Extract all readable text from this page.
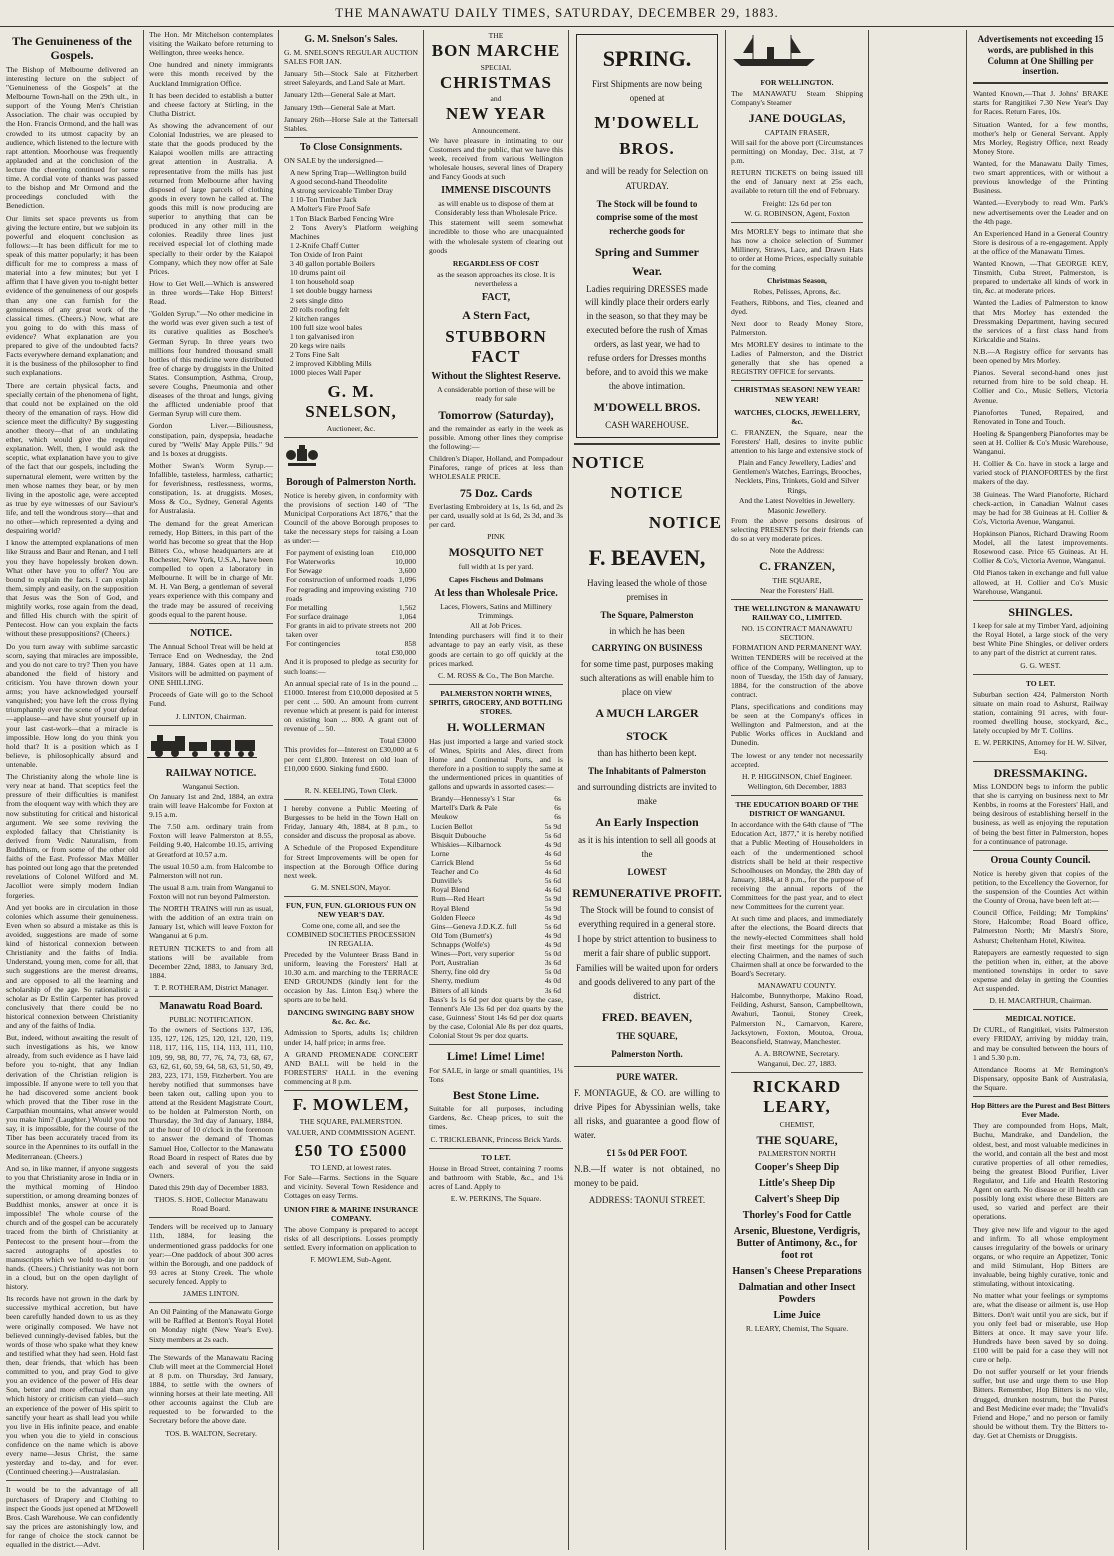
THE MANAWATU DAILY TIMES, SATURDAY, DECEMBER 29, 1883.
The Genuineness of the Gospels.
The Bishop of Melbourne delivered an interesting lecture on the subject of "Genuineness of the Gospels" at the Melbourne Town-hall on the 29th ult., in support of the Young Men's Christian Association. The chair was occupied by the Hon. Francis Ormond, and the hall was crowded to its utmost capacity by an audience, which listened to the lecture with rapt attention. Moorhouse was frequently applauded and at the conclusion of the lecture the cheering continued for some time. A cordial vote of thanks was passed to the bishop and Mr Ormond and the proceedings concluded with the Benediction.
Our limits set space prevents us from giving the lecture entire, but we subjoin its powerful and eloquent conclusion as follows:—It has been difficult for me to speak of this matter popularly; it has been difficult for me to compress a mass of material into a few minutes; but yet I affirm that I have given you to-night better evidence of the genuineness of our gospels than any one can furnish for the genuineness of any great work of the classical times. (Cheers.) Now, what are you going to do with this mass of evidence? What explanation are you prepared to give of the undoubted facts? Facts everywhere demand explanation; and it is the business of the philosopher to find such explanations.
There are certain physical facts, and specially certain of the phenomena of light, that could not be explained on the old theory of the emanation of rays. How did science meet the difficulty? By suggesting another theory—that of an undulating ether, which would give the required explanation. Well, then, I would ask the sceptic, what explanation have you to give of the fact that our gospels, including the supernatural element, were written by the men whose names they bear, or by men living in the apostolic age, were accepted as true by eye witnesses of our Saviour's life, and tell the wondrous story—that and no other—which represented a dying and despairing world?
I know the attempted explanations of men like Strauss and Baur and Renan, and I tell you they have hopelessly broken down. What other have you to offer? You are bound to explain the facts. I can explain them, simply and easily, on the supposition that Jesus was the Son of God, and mightily works, rose again from the dead, and filled His church with the spirit of Pentecost. How can you explain the facts without these presuppositions? (Cheers.)
Do you turn away with sublime sarcastic scorn, saying that miracles are impossible, and you do not care to try? Then you have abandoned the field of history and criticism. You have thrown down your arms; you have acknowledged yourself vanquished; you have left the cross flying triumphantly over the scene of your defeat—applause—and have shut yourself up in your last cast-work—that a miracle is impossible. How long do you think you hold that? It is a position which as I believe, is philosophically absurd and untenable.
The Christianity along the whole line is very near at hand. That sceptics feel the pressure of their difficulties is manifest from the eloquent way with which they are now substituting for critical and historical argument. We see some reviving the exploded fallacy that Christianity is derived from Vedic Naturalism, from Buddhism, or from some of the other old faiths of the East. Professor Max Müller has pointed out long ago that the pretended revelations of Colonel Wilford and M. Jacolliot were simply modern Indian forgeries.
And yet books are in circulation in those colonies which assume their genuineness. Even when so absurd a mistake as this is avoided, suggestions are made of some kind of historical connexion between Christianity and the faiths of India. Understand, young men, come for all, that such suggestions are the merest dreams, and are opposed to all the learning and scholarship of the age. So rationalistic a scholar as Dr Estlin Carpenter has proved conclusively that there could be no historical connexion between Christianity and any of the faiths of India.
But, indeed, without awaiting the result of such investigations as his, we know already, from such evidence as I have laid before you to-night, that any Indian derivation of the Christian religion is impossible. If anyone were to tell you that he had discovered some ancient book which proved that the Tiber rose in the Carpathian mountains, what answer would you make him? (Laughter.) Would you not say, it is impossible, for the course of the Tiber has been accurately traced from its source in the Apennines to its outfall in the Mediterranean. (Cheers.)
And so, in like manner, if anyone suggests to you that Christianity arose in India or in the mythical morning of Hindoo superstition, or among dreaming bonzes of Buddhist monks, answer at once it is impossible! The whole course of the church and of the gospel can be accurately traced from the birth of Christianity at Pentecost to the present hour—from the sacred autographs of apostles to manuscripts which we hold to-day in our hands. (Cheers.) Christianity was not born in a cloud, but on the open daylight of history.
Its records have not grown in the dark by successive mythical accretion, but have been carefully handed down to us as they were originally composed. We have not believed cunningly-devised fables, but the words of those who spake what they knew and testified what they had seen. Hold fast then, dear friends, that which has been committed to you, and pray God to give you an evidence of the power of His dear Son, better and more effectual than any which history or criticism can yield—such an experience of the power of His spirit to sanctify your heart as shall lead you while you live in His infinite peace, and enable you when you die to yield in conscious confidence on the name which is above every name—Jesus Christ, the same yesterday and to-day, and for ever. (Continued cheering.)—Australasian.
It would be to the advantage of all purchasers of Drapery and Clothing to inspect the Goods just opened at M'Dowell Bros. Cash Warehouse. We can confidently say the prices are astonishingly low, and for range of choice the stock cannot be equalled in the district.—Advt.
The Hon. Mr Mitchelson contemplates visiting the Waikato before returning to Wellington, three weeks hence.
One hundred and ninety immigrants were this month received by the Auckland Immigration Office.
It has been decided to establish a butter and cheese factory at Stirling, in the Clutha District.
As showing the advancement of our Colonial Industries, we are pleased to state that the goods produced by the Kaiapoi woollen mills are attracting great attention in Australia. A representative from the mills has just returned from Melbourne after having disposed of large parcels of clothing goods in every town he called at. The goods this mill is now producing are superior to anything that can be produced in any other mill in the colonies. Readily three lines just received especial lot of clothing made specially to their order by the Kaiapoi Company, which they now offer at Sale Prices.
How to Get Well.—Which is answered in three words—Take Hop Bitters! Read.
"Golden Syrup."—No other medicine in the world was ever given such a test of its curative qualities as Boschee's German Syrup. In three years two millions four hundred thousand small bottles of this medicine were distributed free of charge by druggists in the United States. Consumption, Asthma, Croup, severe Coughs, Pneumonia and other diseases of the throat and lungs, giving the afflicted undeniable proof that German Syrup will cure them.
Gordon Liver.—Biliousness, constipation, pain, dyspepsia, headache cured by "Wells' May Apple Pills." 9d and 1s boxes at druggists.
Mother Swan's Worm Syrup.—Infallible, tasteless, harmless, cathartic; for feverishness, restlessness, worms, constipation, 1s. at druggists. Moses, Moss & Co., Sydney, General Agents for Australasia.
The demand for the great American remedy, Hop Bitters, in this part of the world has become so great that the Hop Bitters Co., whose headquarters are at Rochester, New York, U.S.A., have been compelled to open a laboratory in Melbourne. It will be in charge of Mr. M. H. Van Berg, a gentleman of several years experience with this company and the trade may be assured of receiving goods equal to the parent house.
NOTICE.
The Annual School Treat will be held at Terrace End on Wednesday, the 2nd January, 1884. Gates open at 11 a.m. Visitors will be admitted on payment of ONE SHILLING.
Proceeds of Gate will go to the School Fund.
J. LINTON, Chairman.
RAILWAY NOTICE.
Wanganui Section.
On January 1st and 2nd, 1884, an extra train will leave Halcombe for Foxton at 9.15 a.m.
The 7.50 a.m. ordinary train from Foxton will leave Palmerston at 8.55, Feilding 9.40, Halcombe 10.15, arriving at Greatford at 10.57 a.m.
The usual 10.50 a.m. from Halcombe to Palmerston will not run.
The usual 8 a.m. train from Wanganui to Foxton will not run beyond Palmerston.
The NORTH TRAINS will run as usual, with the addition of an extra train on January 1st, which will leave Foxton for Wanganui at 6 p.m.
RETURN TICKETS to and from all stations will be available from December 22nd, 1883, to January 3rd, 1884.
T. P. ROTHERAM, District Manager.
Manawatu Road Board.
PUBLIC NOTIFICATION.
To the owners of Sections 137, 136, 135, 127, 126, 125, 120, 121, 120, 119, 118, 117, 116, 115, 114, 113, 111, 110, 109, 99, 98, 80, 77, 76, 74, 73, 68, 67, 63, 62, 61, 60, 59, 64, 58, 63, 51, 50, 49, 283, 223, 171, 159, Fitzherbert. You are hereby notified that summonses have been taken out, calling upon you to attend at the Resident Magistrate Court, to be holden at Palmerston North, on Thursday, the 3rd day of January, 1884, at the hour of 10 o'clock in the forenoon to answer the demand of Thomas Samuel Hoe, Collector to the Manawatu Road Board in respect of Rates due by each and several of you the said Owners.
Dated this 29th day of December 1883.
THOS. S. HOE, Collector Manawatu Road Board.
Tenders will be received up to January 11th, 1884, for leasing the undermentioned grass paddocks for one year:—One paddock of about 300 acres within the Borough, and one paddock of 93 acres at Stony Creek. The whole securely fenced. Apply to
JAMES LINTON.
An Oil Painting of the Manawatu Gorge will be Raffled at Benton's Royal Hotel on Monday night (New Year's Eve). Sixty members at 2s each.
The Stewards of the Manawatu Racing Club will meet at the Commercial Hotel at 8 p.m. on Thursday, 3rd January, 1884, to settle with the owners of winning horses at their late meeting. All other accounts against the Club are requested to be forwarded to the Secretary before the above date.
TOS. B. WALTON, Secretary.
G. M. Snelson's Sales.
G. M. SNELSON'S REGULAR AUCTION SALES FOR JAN.
January 5th—Stock Sale at Fitzherbert street Saleyards, and Land Sale at Mart.
January 12th—General Sale at Mart.
January 19th—General Sale at Mart.
January 26th—Horse Sale at the Tattersall Stables.
To Close Consignments.
ON SALE by the undersigned—
A new Spring Trap—Wellington build
A good second-hand Theodolite
A strong serviceable Timber Dray
1 10-Ton Timber Jack
A Molter's Fire Proof Safe
1 Ton Black Barbed Fencing Wire
2 Tons Avery's Platform weighing Machines
1 2-Knife Chaff Cutter
Ton Oxide of Iron Paint
3 40 gallon portable Boilers
10 drums paint oil
1 ton household soap
1 set double buggy harness
2 sets single ditto
20 rolls roofing felt
2 kitchen ranges
100 full size wool bales
1 ton galvanised iron
20 kegs wire nails
2 Tons Fine Salt
2 improved Kibbling Mills
1000 pieces Wall Paper
G. M. SNELSON,
Auctioneer, &c.
Borough of Palmerston North.
Notice is hereby given, in conformity with the provisions of section 140 of "The Municipal Corporations Act 1876," that the Council of the above Borough proposes to take the necessary steps for raising a Loan as under:—
For payment of existing loan £10,000
For Waterworks	10,000
For Sewage	3,600
For construction of unformed roads 1,096
For regrading and improving existing roads
710
For metalling	1,562
For surface drainage	1,064
For grants in aid to private streets not taken over
200
For contingencies	858
total £30,000
And it is proposed to pledge as security for such loans:—
An annual special rate of 1s in the pound ... £1000. Interest from £10,000 deposited at 5 per cent ... 500. An amount from current revenue which at present is paid for interest on existing loan ... 800. A grant out of revenue of ... 50.
Total £3000
This provides for—Interest on £30,000 at 6 per cent £1,800. Interest on old loan of £10,000 £600. Sinking fund £600.
Total £3000
R. N. KEELING, Town Clerk.
I hereby convene a Public Meeting of Burgesses to be held in the Town Hall on Friday, January 4th, 1884, at 8 p.m., to consider and discuss the proposal as above.
A Schedule of the Proposed Expenditure for Street Improvements will be open for inspection at the Borough Office during next week.
G. M. SNELSON, Mayor.
FUN, FUN, FUN. GLORIOUS FUN ON NEW YEAR'S DAY.
Come one, come all, and see the COMBINED SOCIETIES PROCESSION IN REGALIA.
Preceded by the Volunteer Brass Band in uniform, leaving the Foresters' Hall at 10.30 a.m. and marching to the TERRACE END GROUNDS (kindly lent for the occasion by Jas. Linton Esq.) where the sports are to be held.
DANCING SWINGING BABY SHOW &c. &c. &c.
Admission to Sports, adults 1s; children under 14, half price; in arms free.
A GRAND PROMENADE CONCERT AND BALL will be held in the FORESTERS' HALL in the evening commencing at 8 p.m.
F. MOWLEM,
THE SQUARE, PALMERSTON.
VALUER, AND COMMISSION AGENT.
£50 TO £5000
TO LEND, at lowest rates.
For Sale—Farms. Sections in the Square and vicinity. Several Town Residence and Cottages on easy Terms.
UNION FIRE & MARINE INSURANCE COMPANY.
The above Company is prepared to accept risks of all descriptions. Losses promptly settled. Every information on application to
F. MOWLEM, Sub-Agent.
THE
BON MARCHE
SPECIAL
CHRISTMAS
and
NEW YEAR
Announcement.
We have pleasure in intimating to our Customers and the public, that we have this week, received from various Wellington wholesale houses, several lines of Drapery and Fancy Goods at such
IMMENSE DISCOUNTS
as will enable us to dispose of them at Considerably less than Wholesale Price.
This statement will seem somewhat incredible to those who are unacquainted with the wholesale system of clearing out goods
REGARDLESS OF COST
as the season approaches its close. It is nevertheless a
FACT,
A Stern Fact,
STUBBORN FACT
Without the Slightest Reserve.
A considerable portion of these will be ready for sale
Tomorrow (Saturday),
and the remainder as early in the week as possible. Among other lines they comprise the following:—
Children's Diaper, Holland, and Pompadour Pinafores, range of prices at less than WHOLESALE PRICE.
75 Doz. Cards
Everlasting Embroidery at 1s, 1s 6d, and 2s per card, usually sold at 1s 6d, 2s 3d, and 3s per card.
PINK
MOSQUITO NET
full width at 1s per yard.
Capes Fischeus and Dolmans
At less than Wholesale Price.
Laces, Flowers, Satins and Millinery Trimmings.
All at Job Prices.
Intending purchasers will find it to their advantage to pay an early visit, as these goods are certain to go off quickly at the prices marked.
C. M. ROSS & Co., The Bon Marche.
PALMERSTON NORTH WINES, SPIRITS, GROCERY, AND BOTTLING STORES.
H. WOLLERMAN
Has just imported a large and varied stock of Wines, Spirits and Ales, direct from Home and Continental Ports, and is therefore in a position to supply the same at the undermentioned prices in quantities of gallons and upwards in assorted cases:—
Brandy—Hennessy's 1 Star	6s
Martell's Dark & Pale	6s
Meukow	6s
Lucien Bellot	5s 9d
Bisquit Dubouche	5s 6d
Whiskies—Kilbarnock	4s 9d
Lorne	4s 6d
Carrick Blend	5s 6d
Teacher and Co	4s 6d
Dunville's	5s 6d
Royal Blend	4s 6d
Rum—Red Heart	5s 9d
Royal Blend	5s 9d
Golden Fleece	4s 9d
Gins—Geneva J.D.K.Z. full	5s 6d
Old Tom (Burnett's)	4s 9d
Schnapps (Wolfe's)	4s 9d
Wines—Port, very superior	5s 0d
Port, Australian	3s 6d
Sherry, fine old dry	5s 0d
Sherry, medium	4s 0d
Bitters of all kinds	3s 6d
Bass's 1s 1s 6d per doz quarts by the case, Tennent's Ale 13s 6d per doz quarts by the case, Guinness' Stout 14s 6d per doz quarts by the case, Colonial Ale 8s per doz quarts, Colonial Stout 9s per doz quarts.
Lime! Lime! Lime!
For SALE, in large or small quantities, 1¼ Tons
Best Stone Lime.
Suitable for all purposes, including Gardens, &c. Cheap prices, to suit the times.
C. TRICKLEBANK, Princess Brick Yards.
TO LET.
House in Broad Street, containing 7 rooms and bathroom with Stable, &c., and 1¼ acres of Land. Apply to
E. W. PERKINS, The Square.
SPRING.
First Shipments are now being opened at
M'DOWELL BROS.
and will be ready for Selection on
ATURDAY.
The Stock will be found to comprise some of the most recherche goods for
Spring and Summer Wear.
Ladies requiring DRESSES made will kindly place their orders early in the season, so that they may be executed before the rush of Xmas orders, as last year, we had to refuse orders for Dresses months before, and to avoid this we make the above intimation.
M'DOWELL BROS.
CASH WAREHOUSE.
NOTICE
NOTICE
NOTICE
F. BEAVEN,
Having leased the whole of those premises in
The Square, Palmerston
in which he has been
CARRYING ON BUSINESS
for some time past, purposes making such alterations as will enable him to place on view
A MUCH LARGER
STOCK
than has hitherto been kept.
The Inhabitants of Palmerston
and surrounding districts are invited to make
An Early Inspection
as it is his intention to sell all goods at the
LOWEST
REMUNERATIVE PROFIT.
The Stock will be found to consist of everything required in a general store.
I hope by strict attention to business to merit a fair share of public support.
Families will be waited upon for orders and goods delivered to any part of the district.
FRED. BEAVEN,
THE SQUARE,
Palmerston North.
PURE WATER.
F. MONTAGUE, & CO. are willing to drive Pipes for Abyssinian wells, take all risks, and guarantee a good flow of water.
£1 5s 0d PER FOOT.
N.B.—If water is not obtained, no money to be paid.
ADDRESS: TAONUI STREET.
FOR WELLINGTON.
The MANAWATU Steam Shipping Company's Steamer
JANE DOUGLAS,
CAPTAIN FRASER,
Will sail for the above port (Circumstances permitting) on Monday, Dec. 31st, at 7 p.m.
RETURN TICKETS on being issued till the end of January next at 25s each, available to return till the end of February.
Freight: 12s 6d per ton
W. G. ROBINSON, Agent, Foxton
Mrs MORLEY begs to intimate that she has now a choice selection of Summer Millinery, Straws, Lace, and Drawn Hats to order at Home Prices, especially suitable for the coming
Christmas Season,
Robes, Pelisses, Aprons, &c.
Feathers, Ribbons, and Ties, cleaned and dyed.
Next door to Ready Money Store, Palmerston.
Mrs MORLEY desires to intimate to the Ladies of Palmerston, and the District generally that she has opened a REGISTRY OFFICE for servants.
CHRISTMAS SEASON! NEW YEAR! NEW YEAR!
WATCHES, CLOCKS, JEWELLERY, &c.
C. FRANZEN, the Square, near the Foresters' Hall, desires to invite public attention to his large and extensive stock of
Plain and Fancy Jewellery, Ladies' and Gentlemen's Watches, Earrings, Brooches, Necklets, Pins, Trinkets, Gold and Silver Rings,
And the Latest Novelties in Jewellery.
Masonic Jewellery.
From the above persons desirous of selecting PRESENTS for their friends can do so at very moderate prices.
Note the Address:
C. FRANZEN,
THE SQUARE,
Near the Foresters' Hall.
THE WELLINGTON & MANAWATU RAILWAY CO., LIMITED.
NO. 15 CONTRACT MANAWATU SECTION.
FORMATION AND PERMANENT WAY.
Written TENDERS will be received at the office of the Company, Wellington, up to noon of Tuesday, the 15th day of January, 1884, for the construction of the above contract.
Plans, specifications and conditions may be seen at the Company's offices in Wellington and Palmerston, and at the Public Works offices in Auckland and Dunedin.
The lowest or any tender not necessarily accepted.
H. P. HIGGINSON, Chief Engineer.
Wellington, 6th December, 1883
THE EDUCATION BOARD OF THE DISTRICT OF WANGANUI.
In accordance with the 64th clause of "The Education Act, 1877," it is hereby notified that a Public Meeting of Householders in each of the undermentioned school districts shall be held at their respective Schoolhouses on Monday, the 28th day of January, 1884, at 8 p.m., for the purpose of receiving the annual reports of the Committees for the past year, and to elect new Committees for the current year.
At such time and places, and immediately after the elections, the Board directs that the newly-elected Committees shall hold their first meetings for the purpose of electing Chairmen, and the names of such Chairmen shall at once be forwarded to the Board's Secretary.
MANAWATU COUNTY.
Halcombe, Bunnythorpe, Makino Road, Feilding, Ashurst, Sanson, Campbelltown, Awahuri, Taonui, Stoney Creek, Palmerston N., Carnarvon, Karere, Jacksytown, Foxton, Moutoa, Oroua, Beaconsfield, Stanway, Manchester.
A. A. BROWNE, Secretary.
Wanganui, Dec. 27, 1883.
RICKARD LEARY,
CHEMIST,
THE SQUARE,
PALMERSTON NORTH
Cooper's Sheep Dip
Little's Sheep Dip
Calvert's Sheep Dip
Thorley's Food for Cattle
Arsenic, Bluestone, Verdigris, Butter of Antimony, &c., for foot rot
Hansen's Cheese Preparations
Dalmatian and other Insect Powders
Lime Juice
R. LEARY, Chemist, The Square.
Advertisements not exceeding 15 words, are published in this Column at One Shilling per insertion.
Wanted Known,—That J. Johns' BRAKE starts for Rangitikei 7.30 New Year's Day for Races. Return Fares, 10s.
Situation Wanted, for a few months, mother's help or General Servant. Apply Mrs Morley, Registry Office, next Ready Money Store.
Wanted, for the Manawatu Daily Times, two smart apprentices, with or without a previous knowledge of the Printing Business.
Wanted.—Everybody to read Wm. Park's new advertisements over the Leader and on the 4th page.
An Experienced Hand in a General Country Store is desirous of a re-engagement. Apply at the office of the Manawatu Times.
Wanted Known, —That GEORGE KEY, Tinsmith, Cuba Street, Palmerston, is prepared to undertake all kinds of work in tin, &c. at moderate prices.
Wanted the Ladies of Palmerston to know that Mrs Morley has extended the Dressmaking Department, having secured the services of a first class hand from Kirkcaldie and Stains.
N.B.—A Registry office for servants has been opened by Mrs Morley.
Pianos. Several second-hand ones just returned from hire to be sold cheap. H. Collier and Co., Music Sellers, Victoria Avenue.
Pianofortes Tuned, Repaired, and Renovated in Tone and Touch.
Hoeling & Spangenberg Pianofortes may be seen at H. Collier & Co's Music Warehouse, Wanganui.
H. Collier & Co. have in stock a large and varied stock of PIANOFORTES by the first makers of the day.
38 Guineas. The Ward Pianoforte, Richard check-action, in Canadian Walnut cases may be had for 38 Guineas at H. Collier & Co's, Victoria Avenue, Wanganui.
Hopkinson Pianos, Richard Drawing Room Model, all the latest improvements. Rosewood case. Price 65 Guineas. At H. Collier & Co's, Victoria Avenue, Wanganui.
Old Pianos taken in exchange and full value allowed, at H. Collier and Co's Music Warehouse, Wanganui.
SHINGLES.
I keep for sale at my Timber Yard, adjoining the Royal Hotel, a large stock of the very best White Pine Shingles, or deliver orders to any part of the district at current rates.
G. G. WEST.
TO LET.
Suburban section 424, Palmerston North situate on main road to Ashurst, Railway station, containing 91 acres, with four-roomed dwelling house, stockyard, &c., lately occupied by Mr T. Collins.
E. W. PERKINS, Attorney for H. W. Silver, Esq.
DRESSMAKING.
Miss LONDON begs to inform the public that she is carrying on business next to Mr Kenbbs, in rooms at the Foresters' Hall, and being desirous of establishing herself in the business, as well as enjoying the reputation of being the best fitter in Palmerston, hopes for a continuance of patronage.
Oroua County Council.
Notice is hereby given that copies of the petition, to the Excellency the Governor, for the suspension of the Counties Act within the County of Oroua, have been left at:—
Council Office, Feilding; Mr Tompkins' Store, Halcombe; Road Board office, Palmerston North; Mr Marsh's Store, Ashurst; Cheltenham Hotel, Kiwitea.
Ratepayers are earnestly requested to sign the petition when in, either, at the above mentioned townships in order to save expense and delay in getting the Counties Act suspended.
D. H. MACARTHUR, Chairman.
MEDICAL NOTICE.
Dr CURL, of Rangitikei, visits Palmerston every FRIDAY, arriving by midday train, and may be consulted between the hours of 1 and 5.30 p.m.
Attendance Rooms at Mr Remington's Dispensary, opposite Bank of Australasia, the Square.
Hop Bitters are the Purest and Best Bitters Ever Made.
They are compounded from Hops, Malt, Buchu, Mandrake, and Dandelion, the oldest, best, and most valuable medicines in the world, and contain all the best and most curative properties of all other remedies, being the greatest Blood Purifier, Liver Regulator, and Life and Health Restoring Agent on earth. No disease or ill health can possibly long exist where these Bitters are used, so varied and perfect are their operations.
They give new life and vigour to the aged and infirm. To all whose employment causes irregularity of the bowels or urinary organs, or who require an Appetizer, Tonic and mild Stimulant, Hop Bitters are invaluable, being highly curative, tonic and stimulating, without intoxicating.
No matter what your feelings or symptoms are, what the disease or ailment is, use Hop Bitters. Don't wait until you are sick, but if you only feel bad or miserable, use Hop Bitters at once. It may save your life. Hundreds have been saved by so doing. £100 will be paid for a case they will not cure or help.
Do not suffer yourself or let your friends suffer, but use and urge them to use Hop Bitters. Remember, Hop Bitters is no vile, drugged, drunken nostrum, but the Purest and Best Medicine ever made; the "Invalid's Friend and Hope," and no person or family should be without them. Try the Bitters to-day. Get at Chemists or Druggists.
